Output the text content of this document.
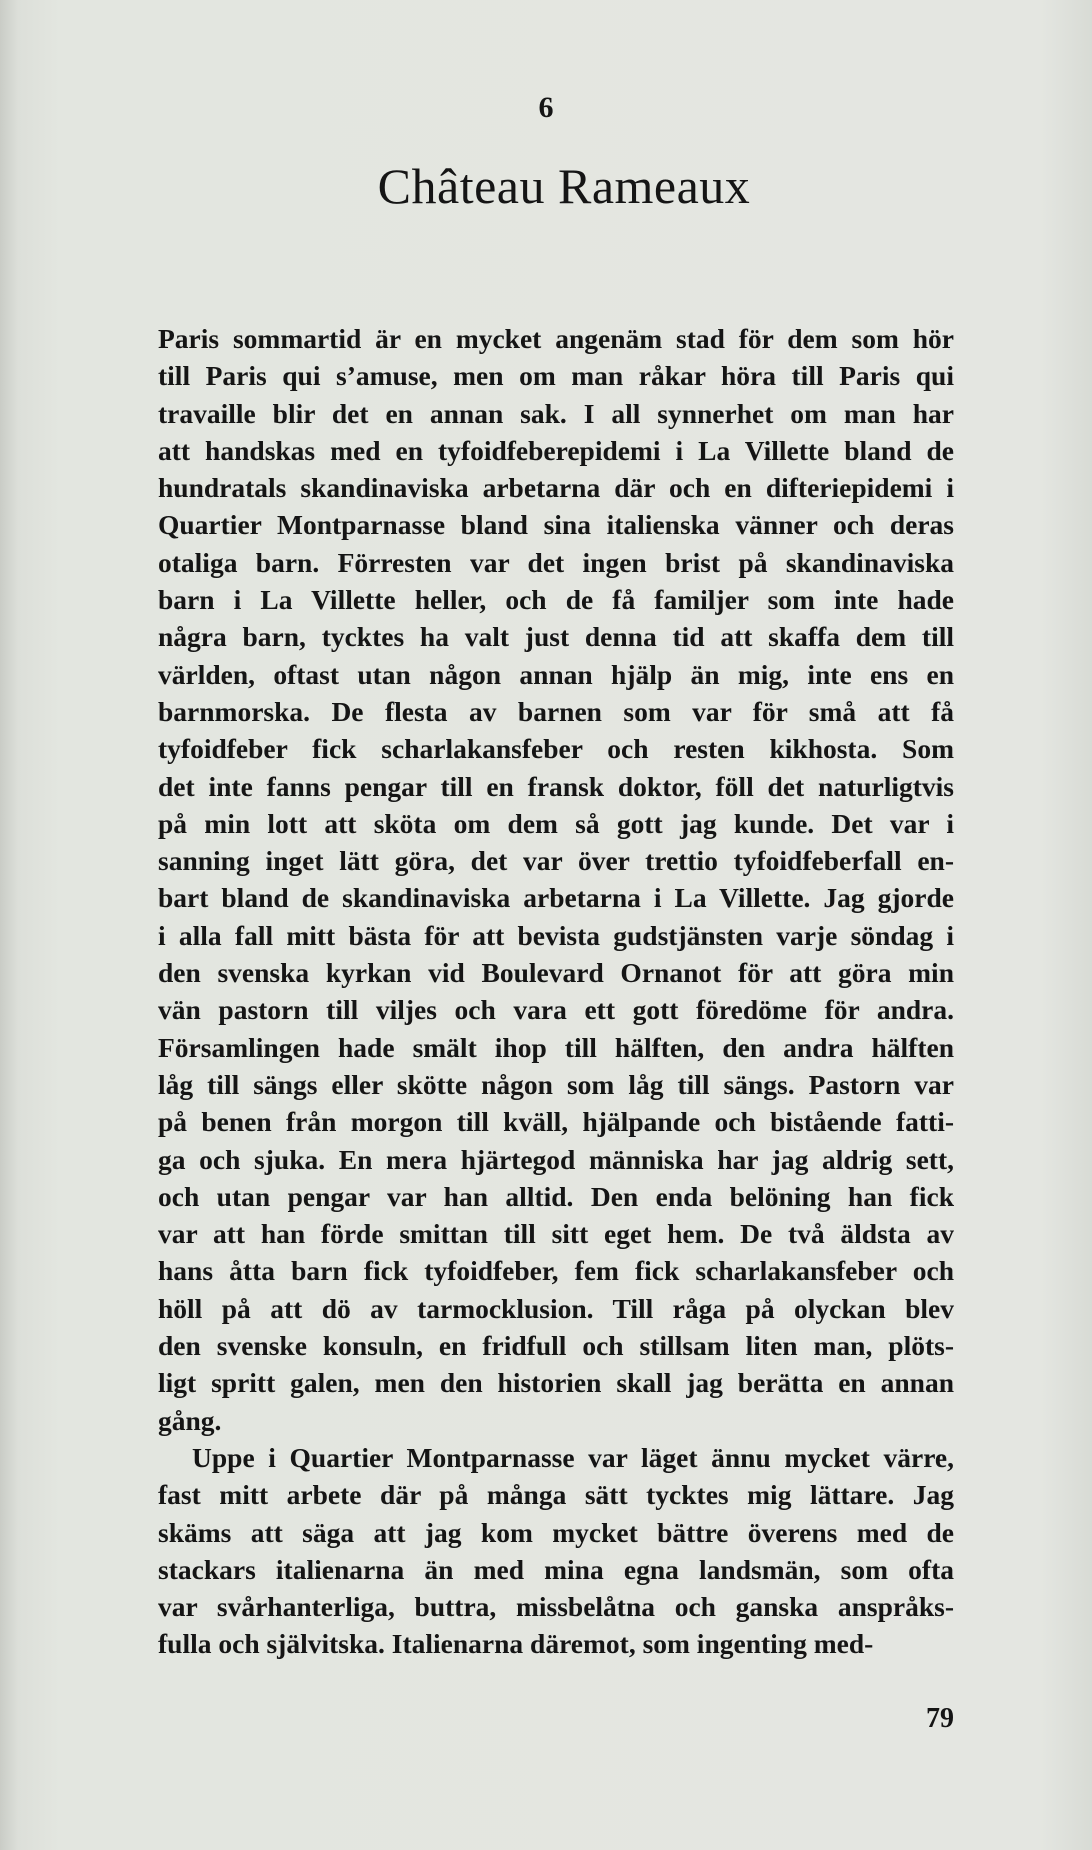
6
Château Rameaux
Paris sommartid är en mycket angenäm stad för dem som hör
till Paris qui s’amuse, men om man råkar höra till Paris qui
travaille blir det en annan sak. I all synnerhet om man har
att handskas med en tyfoidfeberepidemi i La Villette bland de
hundratals skandinaviska arbetarna där och en difteriepidemi i
Quartier Montparnasse bland sina italienska vänner och deras
otaliga barn. Förresten var det ingen brist på skandinaviska
barn i La Villette heller, och de få familjer som inte hade
några barn, tycktes ha valt just denna tid att skaffa dem till
världen, oftast utan någon annan hjälp än mig, inte ens en
barnmorska. De flesta av barnen som var för små att få
tyfoidfeber fick scharlakansfeber och resten kikhosta. Som
det inte fanns pengar till en fransk doktor, föll det naturligtvis
på min lott att sköta om dem så gott jag kunde. Det var i
sanning inget lätt göra, det var över trettio tyfoidfeberfall en-
bart bland de skandinaviska arbetarna i La Villette. Jag gjorde
i alla fall mitt bästa för att bevista gudstjänsten varje söndag i
den svenska kyrkan vid Boulevard Ornanot för att göra min
vän pastorn till viljes och vara ett gott föredöme för andra.
Församlingen hade smält ihop till hälften, den andra hälften
låg till sängs eller skötte någon som låg till sängs. Pastorn var
på benen från morgon till kväll, hjälpande och bistående fatti-
ga och sjuka. En mera hjärtegod människa har jag aldrig sett,
och utan pengar var han alltid. Den enda belöning han fick
var att han förde smittan till sitt eget hem. De två äldsta av
hans åtta barn fick tyfoidfeber, fem fick scharlakansfeber och
höll på att dö av tarmocklusion. Till råga på olyckan blev
den svenske konsuln, en fridfull och stillsam liten man, plöts-
ligt spritt galen, men den historien skall jag berätta en annan
gång.
Uppe i Quartier Montparnasse var läget ännu mycket värre,
fast mitt arbete där på många sätt tycktes mig lättare. Jag
skäms att säga att jag kom mycket bättre överens med de
stackars italienarna än med mina egna landsmän, som ofta
var svårhanterliga, buttra, missbelåtna och ganska anspråks-
fulla och självitska. Italienarna däremot, som ingenting med-
79
